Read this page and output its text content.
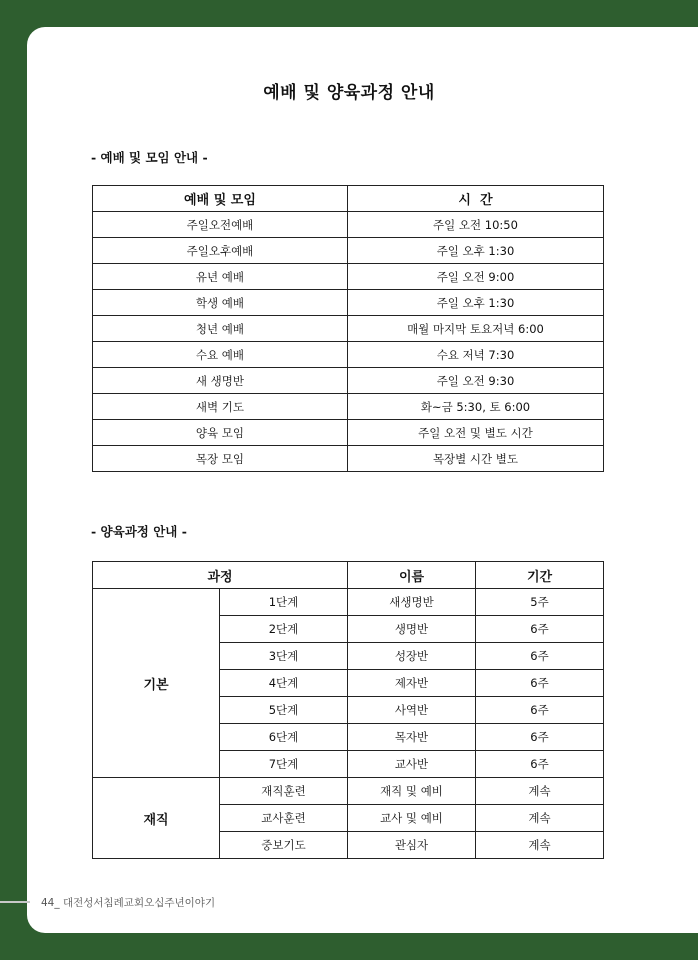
예배 및 양육과정 안내
- 예배 및 모임 안내 -
예배 및 모임	시  간
주일오전예배	주일 오전 10:50
주일오후예배	주일 오후 1:30
유년 예배	주일 오전 9:00
학생 예배	주일 오후 1:30
청년 예배	매월 마지막 토요저녁 6:00
수요 예배	수요 저녁 7:30
새 생명반	주일 오전 9:30
새벽 기도	화~금 5:30, 토 6:00
양육 모임	주일 오전 및 별도 시간
목장 모임	목장별 시간 별도
- 양육과정 안내 -
과정		이름	기간
기본	1단계	새생명반	5주
	2단계	생명반	6주
	3단계	성장반	6주
	4단계	제자반	6주
	5단계	사역반	6주
	6단계	목자반	6주
	7단계	교사반	6주
재직	재직훈련	재직 및 예비	계속
	교사훈련	교사 및 예비	계속
	중보기도	관심자	계속
44_ 대전성서침례교회오십주년이야기
